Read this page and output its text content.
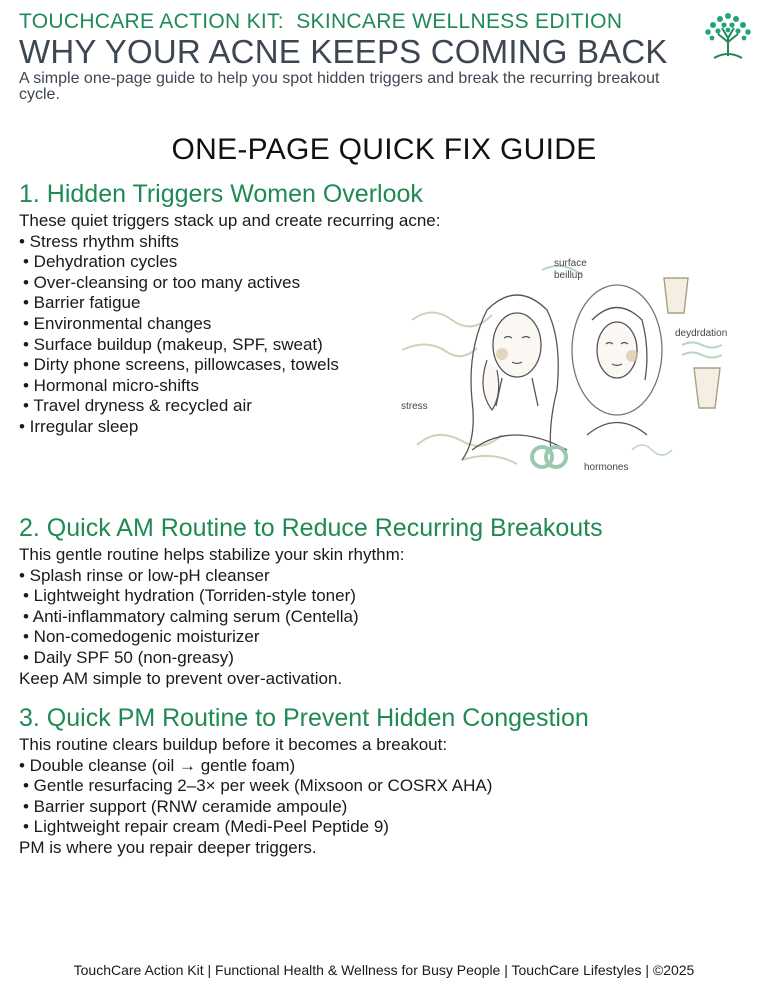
TOUCHCARE ACTION KIT:  SKINCARE WELLNESS EDITION
WHY YOUR ACNE KEEPS COMING BACK
A simple one-page guide to help you spot hidden triggers and break the recurring breakout cycle.
ONE-PAGE QUICK FIX GUIDE
1. Hidden Triggers Women Overlook
These quiet triggers stack up and create recurring acne:
• Stress rhythm shifts
• Dehydration cycles
• Over-cleansing or too many actives
• Barrier fatigue
• Environmental changes
• Surface buildup (makeup, SPF, sweat)
• Dirty phone screens, pillowcases, towels
• Hormonal micro-shifts
• Travel dryness & recycled air
• Irregular sleep
surface
beillup
deydrdation
stress
hormones
2. Quick AM Routine to Reduce Recurring Breakouts
This gentle routine helps stabilize your skin rhythm:
• Splash rinse or low-pH cleanser
• Lightweight hydration (Torriden-style toner)
• Anti-inflammatory calming serum (Centella)
• Non-comedogenic moisturizer
• Daily SPF 50 (non-greasy)
Keep AM simple to prevent over-activation.
3. Quick PM Routine to Prevent Hidden Congestion
This routine clears buildup before it becomes a breakout:
• Double cleanse (oil → gentle foam)
• Gentle resurfacing 2–3× per week (Mixsoon or COSRX AHA)
• Barrier support (RNW ceramide ampoule)
• Lightweight repair cream (Medi-Peel Peptide 9)
PM is where you repair deeper triggers.
TouchCare Action Kit | Functional Health & Wellness for Busy People | TouchCare Lifestyles | ©2025
